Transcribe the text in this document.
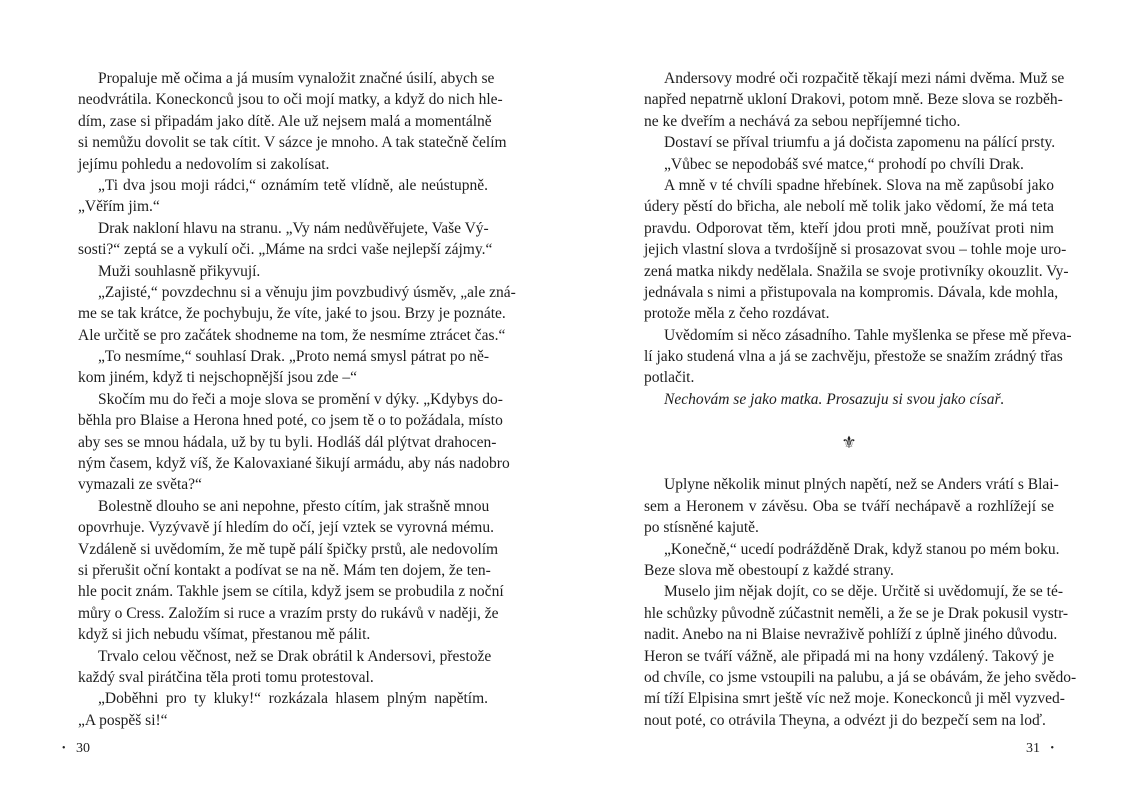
Propaluje mě očima a já musím vynaložit značné úsilí, abych se
neodvrátila. Koneckonců jsou to oči mojí matky, a když do nich hle-
dím, zase si připadám jako dítě. Ale už nejsem malá a momentálně
si nemůžu dovolit se tak cítit. V sázce je mnoho. A tak statečně čelím
jejímu pohledu a nedovolím si zakolísat.
„Ti dva jsou moji rádci,“ oznámím tetě vlídně, ale neústupně.
„Věřím jim.“
Drak nakloní hlavu na stranu. „Vy nám nedůvěřujete, Vaše Vý-
sosti?“ zeptá se a vykulí oči. „Máme na srdci vaše nejlepší zájmy.“
Muži souhlasně přikyvují.
„Zajisté,“ povzdechnu si a věnuju jim povzbudivý úsměv, „ale zná-
me se tak krátce, že pochybuju, že víte, jaké to jsou. Brzy je poznáte.
Ale určitě se pro začátek shodneme na tom, že nesmíme ztrácet čas.“
„To nesmíme,“ souhlasí Drak. „Proto nemá smysl pátrat po ně-
kom jiném, když ti nejschopnější jsou zde –“
Skočím mu do řeči a moje slova se promění v dýky. „Kdybys do-
běhla pro Blaise a Herona hned poté, co jsem tě o to požádala, místo
aby ses se mnou hádala, už by tu byli. Hodláš dál plýtvat drahocen-
ným časem, když víš, že Kalovaxiané šikují armádu, aby nás nadobro
vymazali ze světa?“
Bolestně dlouho se ani nepohne, přesto cítím, jak strašně mnou
opovrhuje. Vyzývavě jí hledím do očí, její vztek se vyrovná mému.
Vzdáleně si uvědomím, že mě tupě pálí špičky prstů, ale nedovolím
si přerušit oční kontakt a podívat se na ně. Mám ten dojem, že ten-
hle pocit znám. Takhle jsem se cítila, když jsem se probudila z noční
můry o Cress. Založím si ruce a vrazím prsty do rukávů v naději, že
když si jich nebudu všímat, přestanou mě pálit.
Trvalo celou věčnost, než se Drak obrátil k Andersovi, přestože
každý sval pirátčina těla proti tomu protestoval.
„Doběhni pro ty kluky!“ rozkázala hlasem plným napětím.
„A pospěš si!“
• 30
Andersovy modré oči rozpačitě těkají mezi námi dvěma. Muž se
napřed nepatrně ukloní Drakovi, potom mně. Beze slova se rozběh-
ne ke dveřím a nechává za sebou nepříjemné ticho.
Dostaví se příval triumfu a já dočista zapomenu na pálící prsty.
„Vůbec se nepodobáš své matce,“ prohodí po chvíli Drak.
A mně v té chvíli spadne hřebínek. Slova na mě zapůsobí jako
údery pěstí do břicha, ale nebolí mě tolik jako vědomí, že má teta
pravdu. Odporovat těm, kteří jdou proti mně, používat proti nim
jejich vlastní slova a tvrdošíjně si prosazovat svou – tohle moje uro-
zená matka nikdy nedělala. Snažila se svoje protivníky okouzlit. Vy-
jednávala s nimi a přistupovala na kompromis. Dávala, kde mohla,
protože měla z čeho rozdávat.
Uvědomím si něco zásadního. Tahle myšlenka se přese mě převa-
lí jako studená vlna a já se zachvěju, přestože se snažím zrádný třas
potlačit.
Nechovám se jako matka. Prosazuju si svou jako císař.
⚜
Uplyne několik minut plných napětí, než se Anders vrátí s Blai-
sem a Heronem v závěsu. Oba se tváří nechápavě a rozhlížejí se
po stísněné kajutě.
„Konečně,“ ucedí podrážděně Drak, když stanou po mém boku.
Beze slova mě obestoupí z každé strany.
Muselo jim nějak dojít, co se děje. Určitě si uvědomují, že se té-
hle schůzky původně zúčastnit neměli, a že se je Drak pokusil vystr-
nadit. Anebo na ni Blaise nevraživě pohlíží z úplně jiného důvodu.
Heron se tváří vážně, ale připadá mi na hony vzdálený. Takový je
od chvíle, co jsme vstoupili na palubu, a já se obávám, že jeho svědo-
mí tíží Elpisina smrt ještě víc než moje. Koneckonců ji měl vyzved-
nout poté, co otrávila Theyna, a odvézt ji do bezpečí sem na loď.
31 •
